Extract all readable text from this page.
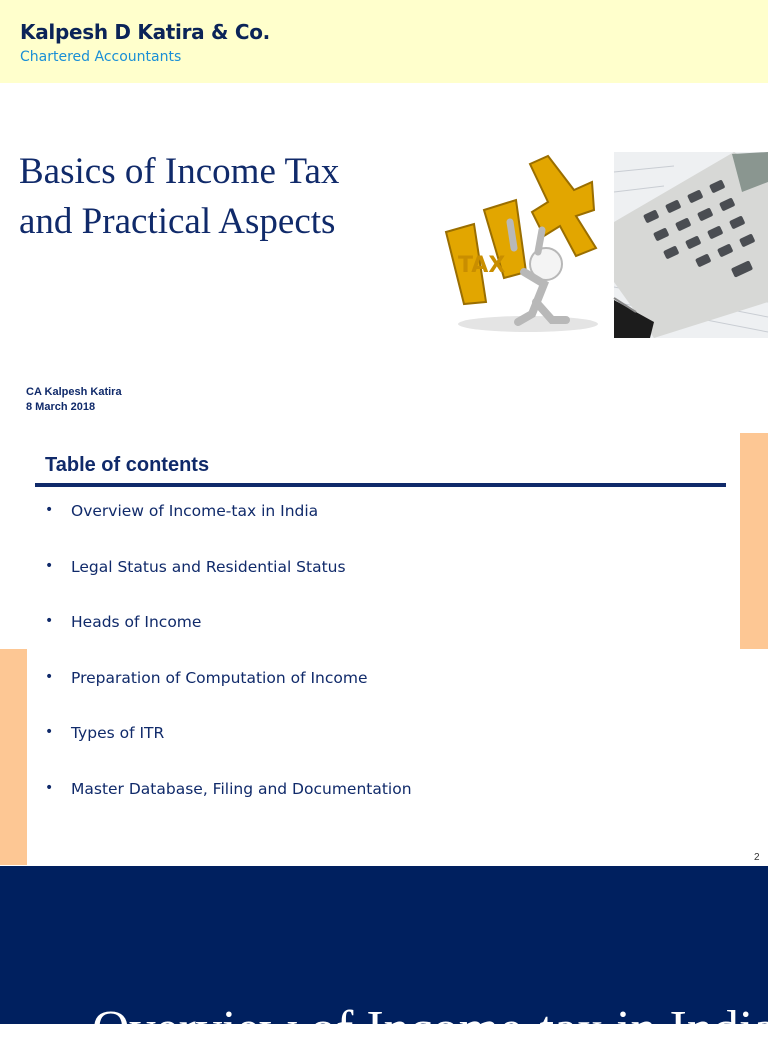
Kalpesh D Katira & Co.
Chartered Accountants
Basics of Income Tax
and Practical Aspects
TAX
CA Kalpesh Katira
8 March 2018
Table of contents
•	Overview of Income-tax in India
•	Legal Status and Residential Status
•	Heads of Income
•	Preparation of Computation of Income
•	Types of ITR
•	Master Database, Filing and Documentation
2
Overview of Income-tax in India
